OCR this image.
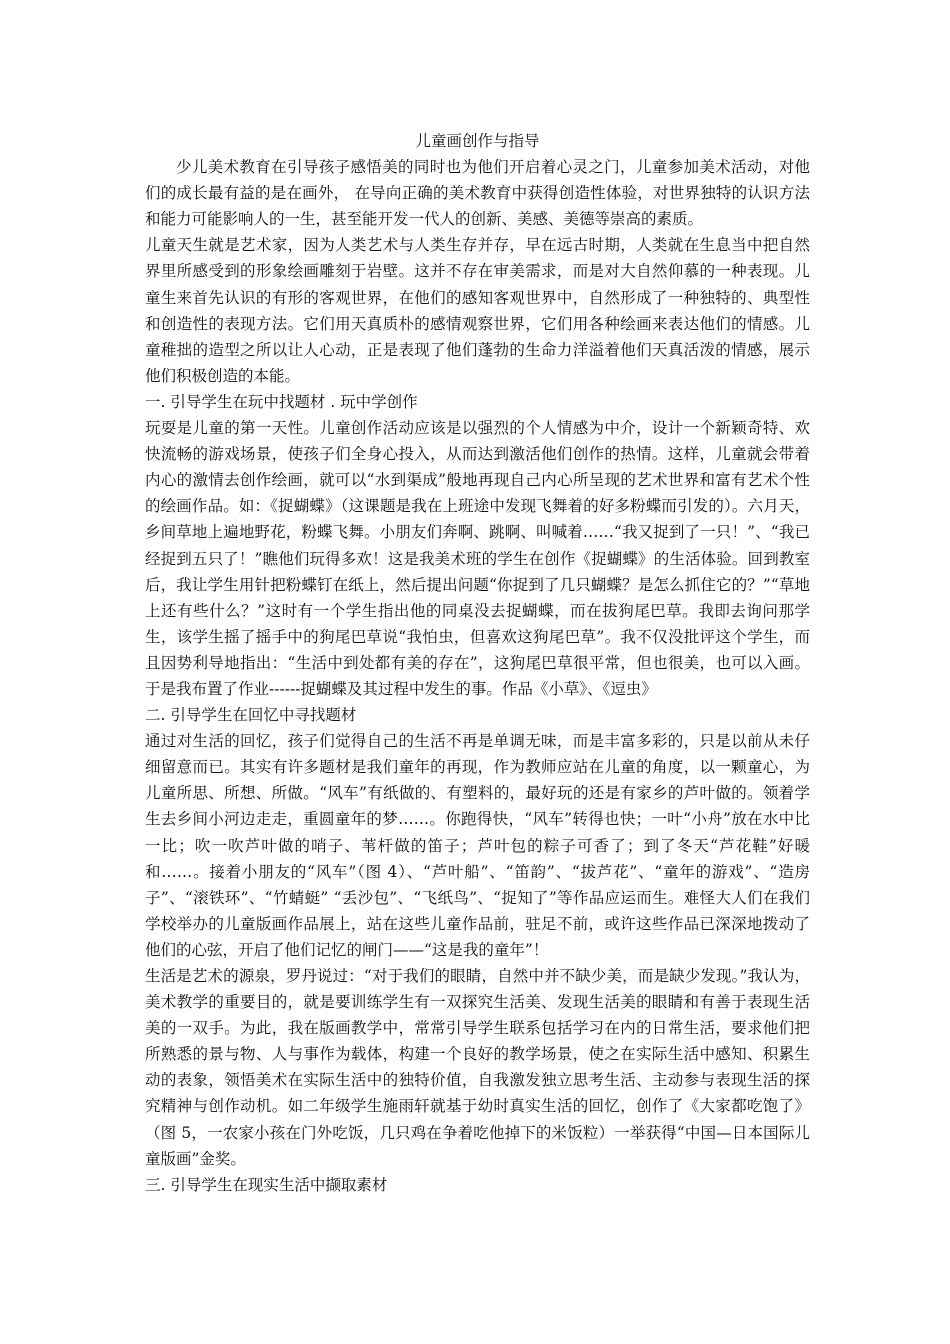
儿童画创作与指导

少儿美术教育在引导孩子感悟美的同时也为他们开启着心灵之门，儿童参加美术活动，对他们的成长最有益的是在画外， 在导向正确的美术教育中获得创造性体验，对世界独特的认识方法和能力可能影响人的一生，甚至能开发一代人的创新、美感、美德等崇高的素质。

儿童天生就是艺术家，因为人类艺术与人类生存并存，早在远古时期，人类就在生息当中把自然界里所感受到的形象绘画雕刻于岩壁。这并不存在审美需求，而是对大自然仰慕的一种表现。儿童生来首先认识的有形的客观世界，在他们的感知客观世界中，自然形成了一种独特的、典型性和创造性的表现方法。它们用天真质朴的感情观察世界，它们用各种绘画来表达他们的情感。儿童稚拙的造型之所以让人心动，正是表现了他们蓬勃的生命力洋溢着他们天真活泼的情感，展示他们积极创造的本能。

一. 引导学生在玩中找题材 . 玩中学创作

玩耍是儿童的第一天性。儿童创作活动应该是以强烈的个人情感为中介，设计一个新颖奇特、欢快流畅的游戏场景，使孩子们全身心投入，从而达到激活他们创作的热情。这样，儿童就会带着内心的激情去创作绘画，就可以“水到渠成”般地再现自己内心所呈现的艺术世界和富有艺术个性的绘画作品。如：《捉蝴蝶》（这课题是我在上班途中发现飞舞着的好多粉蝶而引发的）。六月天，乡间草地上遍地野花，粉蝶飞舞。小朋友们奔啊、跳啊、叫喊着……“我又捉到了一只！”、“我已经捉到五只了！”瞧他们玩得多欢！这是我美术班的学生在创作《捉蝴蝶》的生活体验。回到教室后，我让学生用针把粉蝶钉在纸上，然后提出问题“你捉到了几只蝴蝶？是怎么抓住它的？”“草地上还有些什么？”这时有一个学生指出他的同桌没去捉蝴蝶，而在拔狗尾巴草。我即去询问那学生，该学生摇了摇手中的狗尾巴草说“我怕虫，但喜欢这狗尾巴草”。我不仅没批评这个学生，而且因势利导地指出：“生活中到处都有美的存在”，这狗尾巴草很平常，但也很美，也可以入画。于是我布置了作业------捉蝴蝶及其过程中发生的事。作品《小草》、《逗虫》

二. 引导学生在回忆中寻找题材

通过对生活的回忆，孩子们觉得自己的生活不再是单调无味，而是丰富多彩的，只是以前从未仔细留意而已。其实有许多题材是我们童年的再现，作为教师应站在儿童的角度，以一颗童心，为儿童所思、所想、所做。“风车”有纸做的、有塑料的，最好玩的还是有家乡的芦叶做的。领着学生去乡间小河边走走，重圆童年的梦……。你跑得快，“风车”转得也快；一叶“小舟”放在水中比一比；吹一吹芦叶做的哨子、苇杆做的笛子；芦叶包的粽子可香了；到了冬天“芦花鞋”好暖和……。接着小朋友的“风车”（图 4）、“芦叶船”、“笛韵”、“拔芦花”、“童年的游戏”、“造房子”、“滚铁环”、“竹蜻蜓” “丢沙包”、“飞纸鸟”、“捉知了”等作品应运而生。难怪大人们在我们学校举办的儿童版画作品展上，站在这些儿童作品前，驻足不前，或许这些作品已深深地拨动了他们的心弦，开启了他们记忆的闸门——“这是我的童年”！

生活是艺术的源泉，罗丹说过：“对于我们的眼睛，自然中并不缺少美，而是缺少发现。”我认为，美术教学的重要目的，就是要训练学生有一双探究生活美、发现生活美的眼睛和有善于表现生活美的一双手。为此，我在版画教学中，常常引导学生联系包括学习在内的日常生活，要求他们把所熟悉的景与物、人与事作为载体，构建一个良好的教学场景，使之在实际生活中感知、积累生动的表象，领悟美术在实际生活中的独特价值，自我激发独立思考生活、主动参与表现生活的探究精神与创作动机。如二年级学生施雨轩就基于幼时真实生活的回忆，创作了《大家都吃饱了》（图 5，一农家小孩在门外吃饭，几只鸡在争着吃他掉下的米饭粒）一举获得“中国—日本国际儿童版画”金奖。

三. 引导学生在现实生活中撷取素材
